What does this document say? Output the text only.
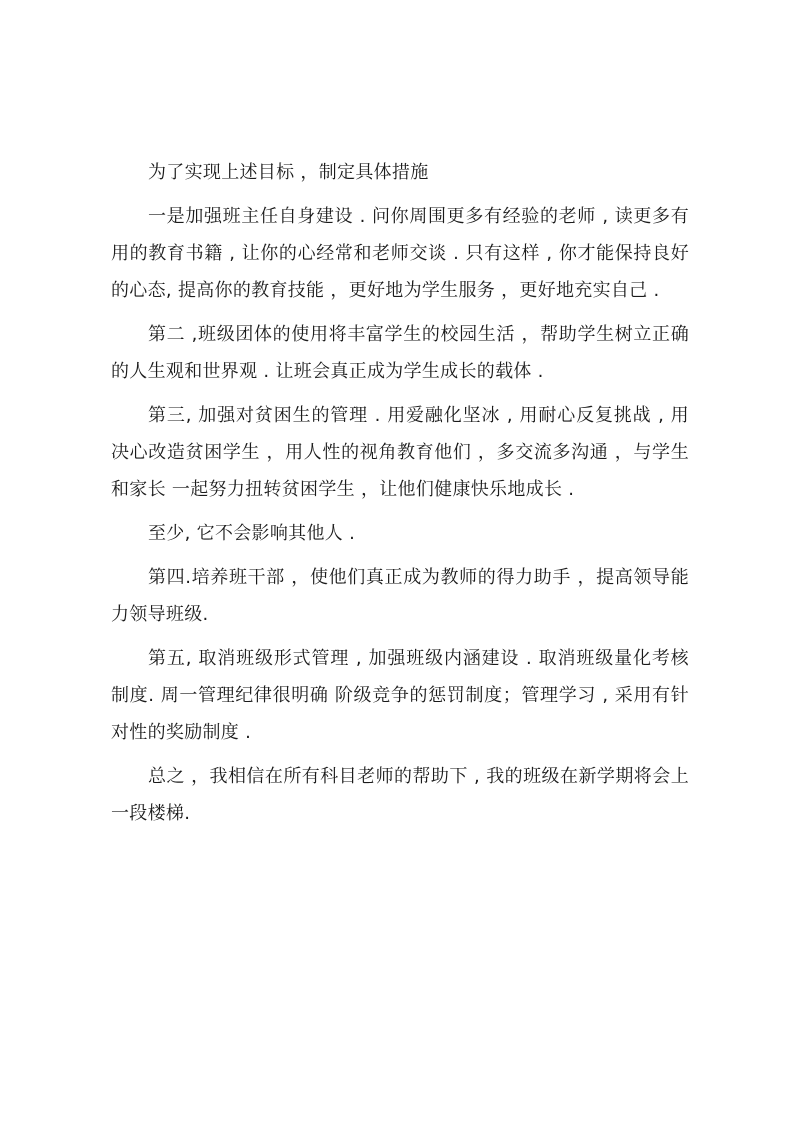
为了实现上述目标 ，制定具体措施

一是加强班主任自身建设 . 问你周围更多有经验的老师 , 读更多有用的教育书籍 , 让你的心经常和老师交谈 . 只有这样 , 你才能保持良好的心态, 提高你的教育技能 ，更好地为学生服务 ，更好地充实自己 .

第二 ,班级团体的使用将丰富学生的校园生活 ，帮助学生树立正确的人生观和世界观 . 让班会真正成为学生成长的载体 .

第三, 加强对贫困生的管理 . 用爱融化坚冰 , 用耐心反复挑战 , 用决心改造贫困学生 ，用人性的视角教育他们 ，多交流多沟通 ，与学生和家长 一起努力扭转贫困学生 ，让他们健康快乐地成长 .

至少, 它不会影响其他人 .

第四.培养班干部 ，使他们真正成为教师的得力助手 ，提高领导能力领导班级.

第五, 取消班级形式管理 , 加强班级内涵建设 . 取消班级量化考核制度. 周一管理纪律很明确 阶级竞争的惩罚制度；管理学习 , 采用有针对性的奖励制度 .

总之 ，我相信在所有科目老师的帮助下 , 我的班级在新学期将会上一段楼梯.
